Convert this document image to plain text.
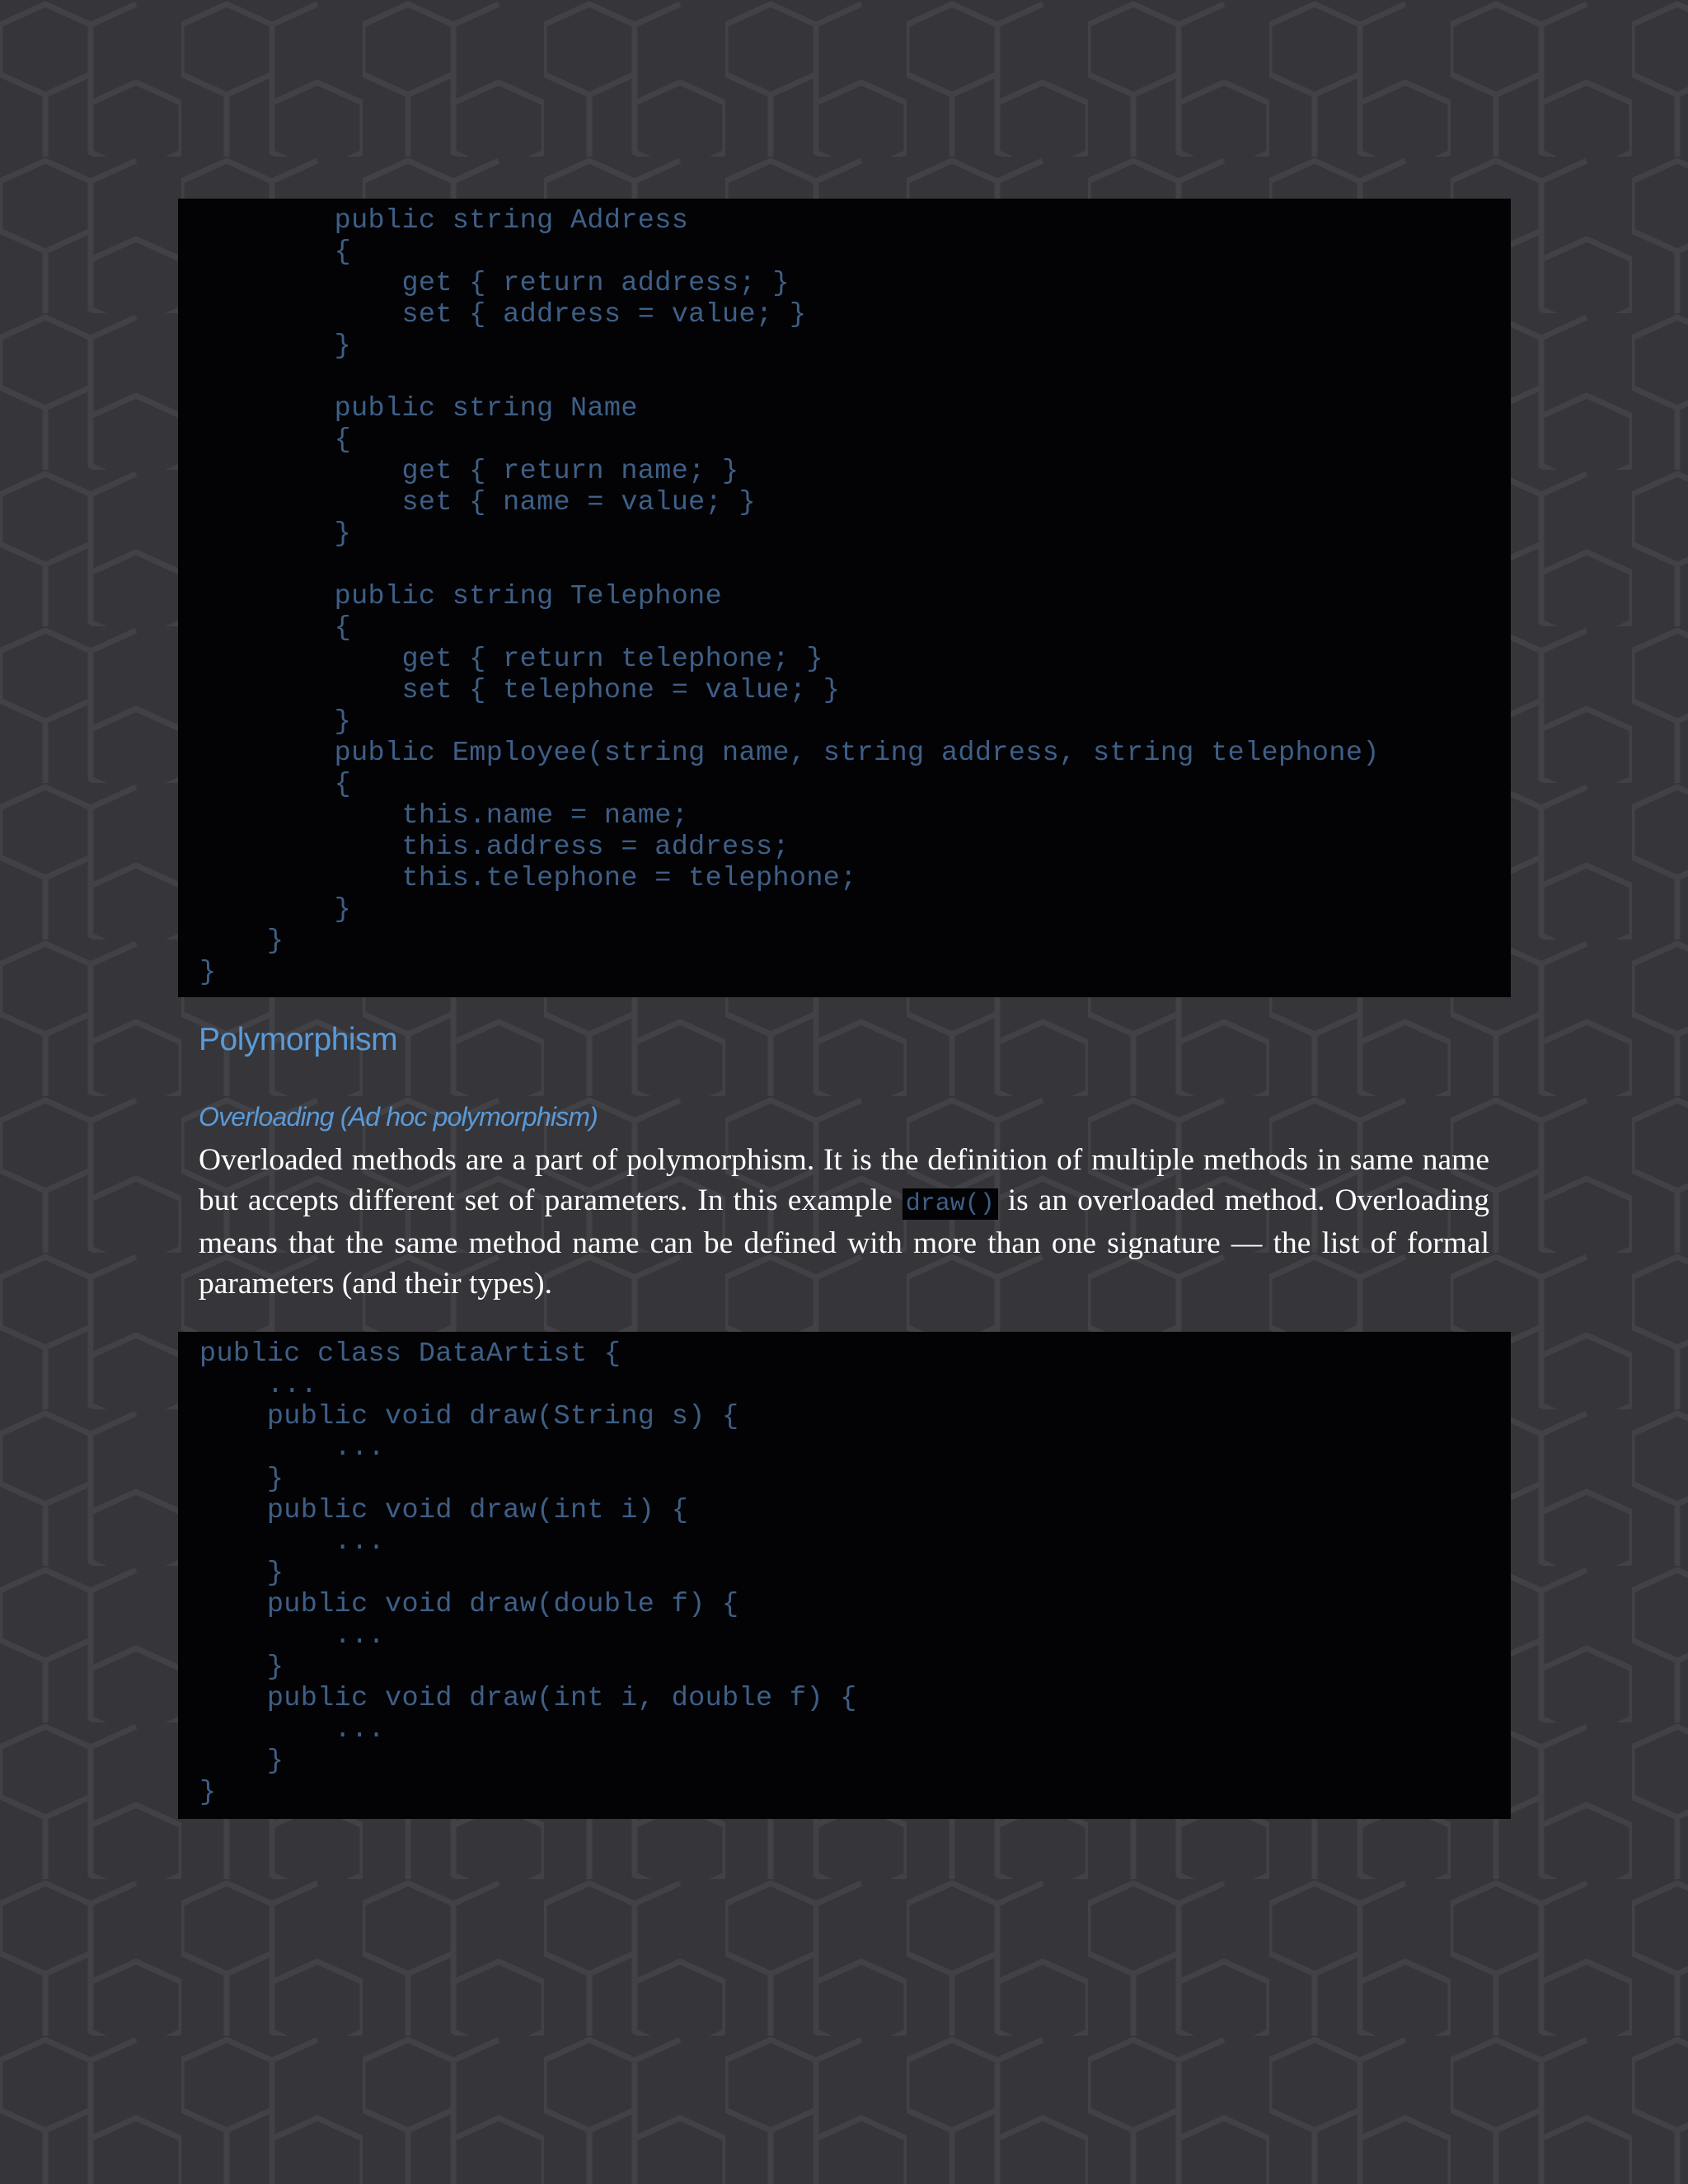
public string Address
{
get { return address; }
set { address = value; }
}

public string Name
{
get { return name; }
set { name = value; }
}

public string Telephone
{
get { return telephone; }
set { telephone = value; }
}
public Employee(string name, string address, string telephone)
{
this.name = name;
this.address = address;
this.telephone = telephone;
}
}
}
Polymorphism
Overloading (Ad hoc polymorphism)

Overloaded methods are a part of polymorphism. It is the definition of multiple methods in same name but accepts different set of parameters. In this example draw() is an overloaded method. Overloading means that the same method name can be defined with more than one signature — the list of formal parameters (and their types).

public class DataArtist {
...
public void draw(String s) {
...
}
public void draw(int i) {
...
}
public void draw(double f) {
...
}
public void draw(int i, double f) {
...
}
}
